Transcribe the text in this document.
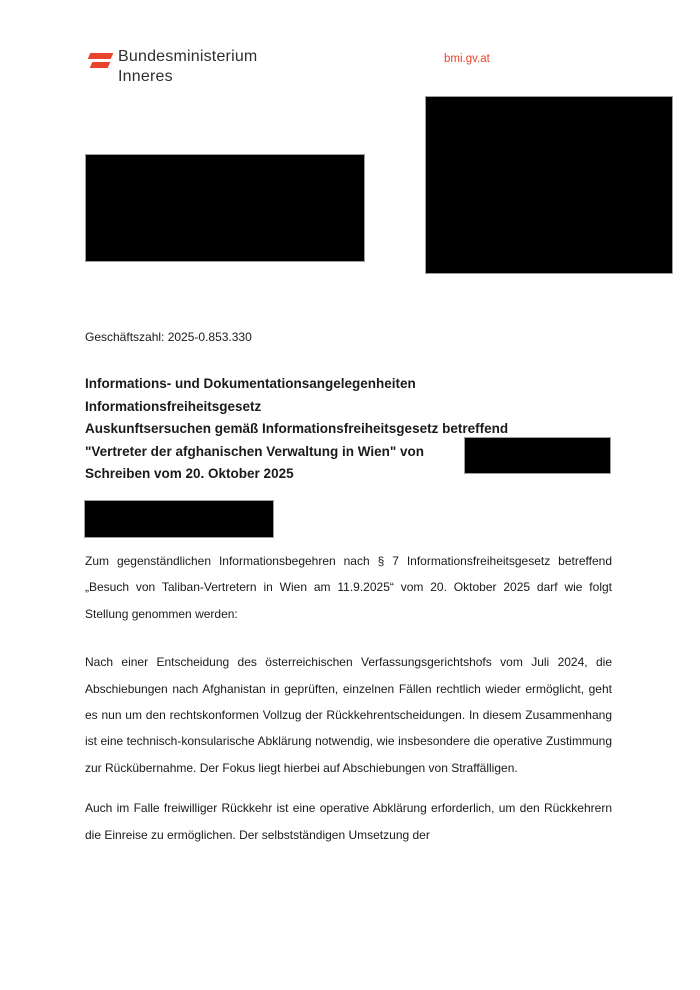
Bundesministerium
Inneres
bmi.gv.at
Geschäftszahl: 2025-0.853.330
Informations- und Dokumentationsangelegenheiten
Informationsfreiheitsgesetz
Auskunftsersuchen gemäß Informationsfreiheitsgesetz betreffend
"Vertreter der afghanischen Verwaltung in Wien" von
Schreiben vom 20. Oktober 2025

Zum gegenständlichen Informationsbegehren nach § 7 Informationsfreiheitsgesetz betreffend „Besuch von Taliban-Vertretern in Wien am 11.9.2025“ vom 20. Oktober 2025 darf wie folgt Stellung genommen werden:

Nach einer Entscheidung des österreichischen Verfassungsgerichtshofs vom Juli 2024, die Abschiebungen nach Afghanistan in geprüften, einzelnen Fällen rechtlich wieder ermöglicht, geht es nun um den rechtskonformen Vollzug der Rückkehrentscheidungen. In diesem Zusammenhang ist eine technisch-konsularische Abklärung notwendig, wie insbesondere die operative Zustimmung zur Rückübernahme. Der Fokus liegt hierbei auf Abschiebungen von Straffälligen.

Auch im Falle freiwilliger Rückkehr ist eine operative Abklärung erforderlich, um den Rückkehrern die Einreise zu ermöglichen. Der selbstständigen Umsetzung der
